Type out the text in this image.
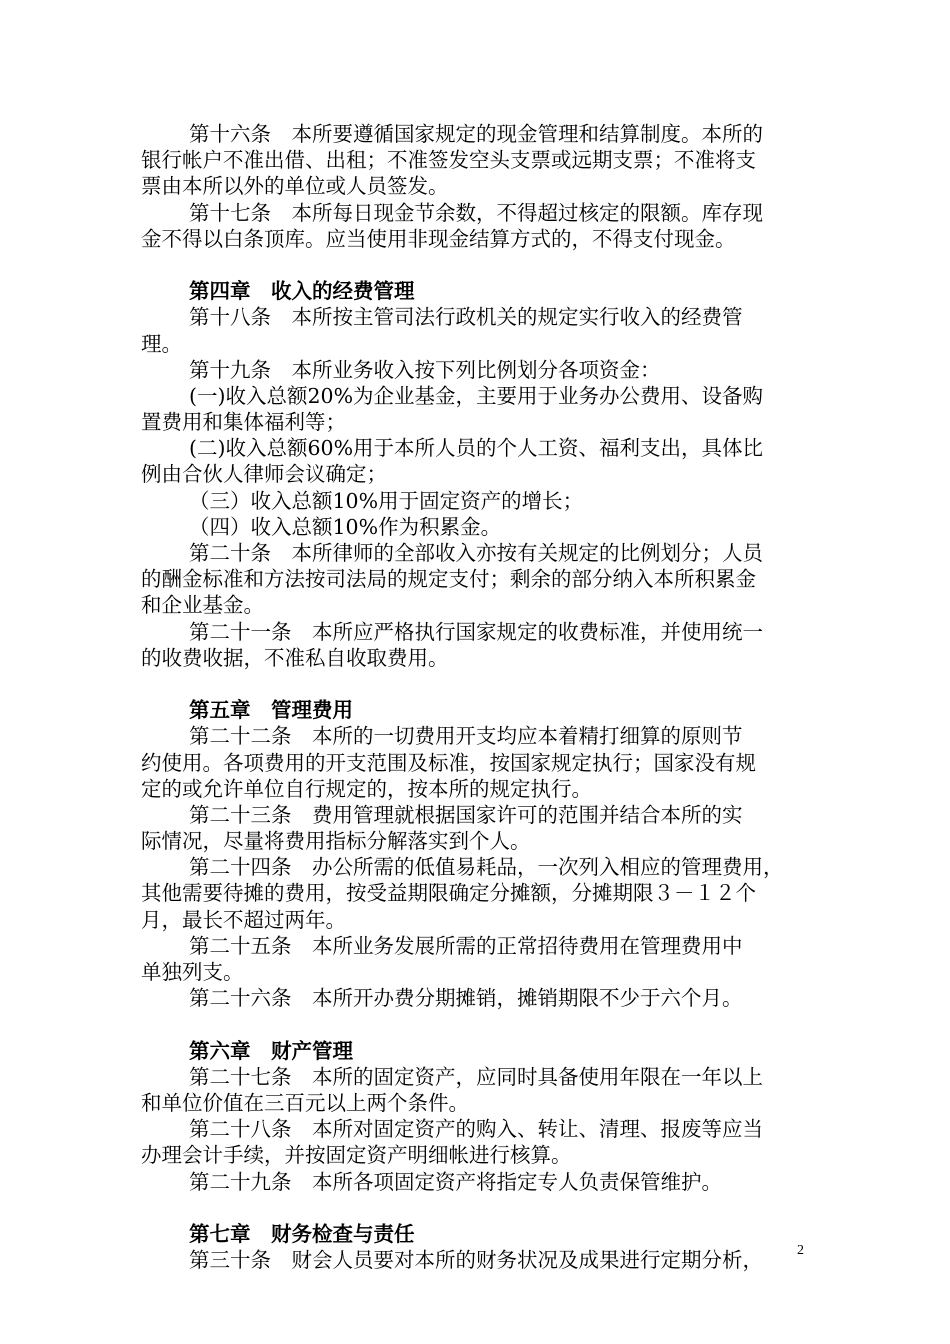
第十六条　本所要遵循国家规定的现金管理和结算制度。本所的
银行帐户不准出借、出租；不准签发空头支票或远期支票；不准将支
票由本所以外的单位或人员签发。
第十七条　本所每日现金节余数，不得超过核定的限额。库存现
金不得以白条顶库。应当使用非现金结算方式的，不得支付现金。
第四章　收入的经费管理
第十八条　本所按主管司法行政机关的规定实行收入的经费管
理。
第十九条　本所业务收入按下列比例划分各项资金：
(一)收入总额20%为企业基金，主要用于业务办公费用、设备购
置费用和集体福利等；
(二)收入总额60%用于本所人员的个人工资、福利支出，具体比
例由合伙人律师会议确定；
（三）收入总额10%用于固定资产的增长；
（四）收入总额10%作为积累金。
第二十条　本所律师的全部收入亦按有关规定的比例划分；人员
的酬金标准和方法按司法局的规定支付；剩余的部分纳入本所积累金
和企业基金。
第二十一条　本所应严格执行国家规定的收费标准，并使用统一
的收费收据，不准私自收取费用。
第五章　管理费用
第二十二条　本所的一切费用开支均应本着精打细算的原则节
约使用。各项费用的开支范围及标准，按国家规定执行；国家没有规
定的或允许单位自行规定的，按本所的规定执行。
第二十三条　费用管理就根据国家许可的范围并结合本所的实
际情况，尽量将费用指标分解落实到个人。
第二十四条　办公所需的低值易耗品，一次列入相应的管理费用，
其他需要待摊的费用，按受益期限确定分摊额，分摊期限３－１２个
月，最长不超过两年。
第二十五条　本所业务发展所需的正常招待费用在管理费用中
单独列支。
第二十六条　本所开办费分期摊销，摊销期限不少于六个月。
第六章　财产管理
第二十七条　本所的固定资产，应同时具备使用年限在一年以上
和单位价值在三百元以上两个条件。
第二十八条　本所对固定资产的购入、转让、清理、报废等应当
办理会计手续，并按固定资产明细帐进行核算。
第二十九条　本所各项固定资产将指定专人负责保管维护。
第七章　财务检查与责任
第三十条　财会人员要对本所的财务状况及成果进行定期分析，	2
